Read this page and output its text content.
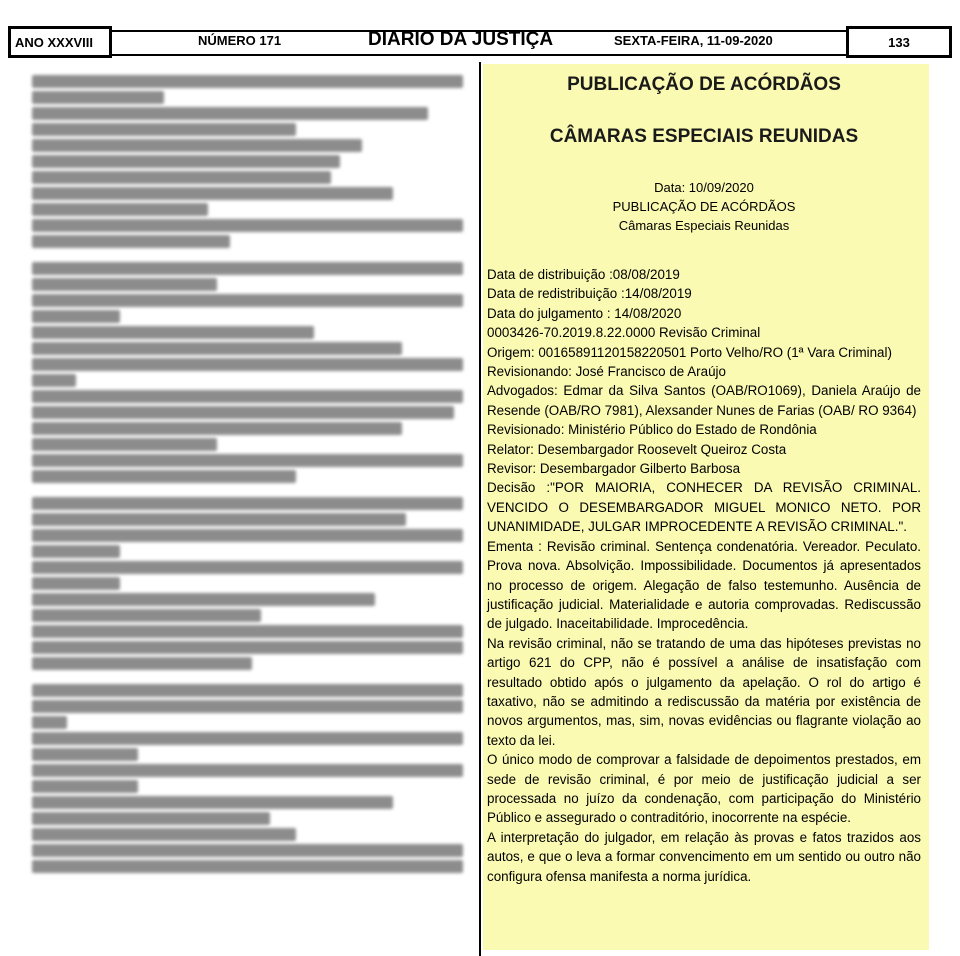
ANO XXXVIII	NÚMERO 171	DIARIO DA JUSTIÇA	SEXTA-FEIRA, 11-09-2020	133
PUBLICAÇÃO DE ACÓRDÃOS
CÂMARAS ESPECIAIS REUNIDAS
Data: 10/09/2020
PUBLICAÇÃO DE ACÓRDÃOS
Câmaras Especiais Reunidas

Data de distribuição :08/08/2019

Data de redistribuição :14/08/2019

Data do julgamento : 14/08/2020

0003426-70.2019.8.22.0000 Revisão Criminal

Origem: 00165891120158220501 Porto Velho/RO (1ª Vara Criminal)

Revisionando: José Francisco de Araújo

Advogados: Edmar da Silva Santos (OAB/RO1069), Daniela Araújo de Resende (OAB/RO 7981), Alexsander Nunes de Farias (OAB/ RO 9364)

Revisionado: Ministério Público do Estado de Rondônia

Relator: Desembargador Roosevelt Queiroz Costa

Revisor: Desembargador Gilberto Barbosa

Decisão :"POR MAIORIA, CONHECER DA REVISÃO CRIMINAL. VENCIDO O DESEMBARGADOR MIGUEL MONICO NETO. POR UNANIMIDADE, JULGAR IMPROCEDENTE A REVISÃO CRIMINAL.".

Ementa : Revisão criminal. Sentença condenatória. Vereador. Peculato. Prova nova. Absolvição. Impossibilidade. Documentos já apresentados no processo de origem. Alegação de falso testemunho. Ausência de justificação judicial. Materialidade e autoria comprovadas. Rediscussão de julgado. Inaceitabilidade. Improcedência.

Na revisão criminal, não se tratando de uma das hipóteses previstas no artigo 621 do CPP, não é possível a análise de insatisfação com resultado obtido após o julgamento da apelação. O rol do artigo é taxativo, não se admitindo a rediscussão da matéria por existência de novos argumentos, mas, sim, novas evidências ou flagrante violação ao texto da lei.

O único modo de comprovar a falsidade de depoimentos prestados, em sede de revisão criminal, é por meio de justificação judicial a ser processada no juízo da condenação, com participação do Ministério Público e assegurado o contraditório, inocorrente na espécie.

A interpretação do julgador, em relação às provas e fatos trazidos aos autos, e que o leva a formar convencimento em um sentido ou outro não configura ofensa manifesta a norma jurídica.
